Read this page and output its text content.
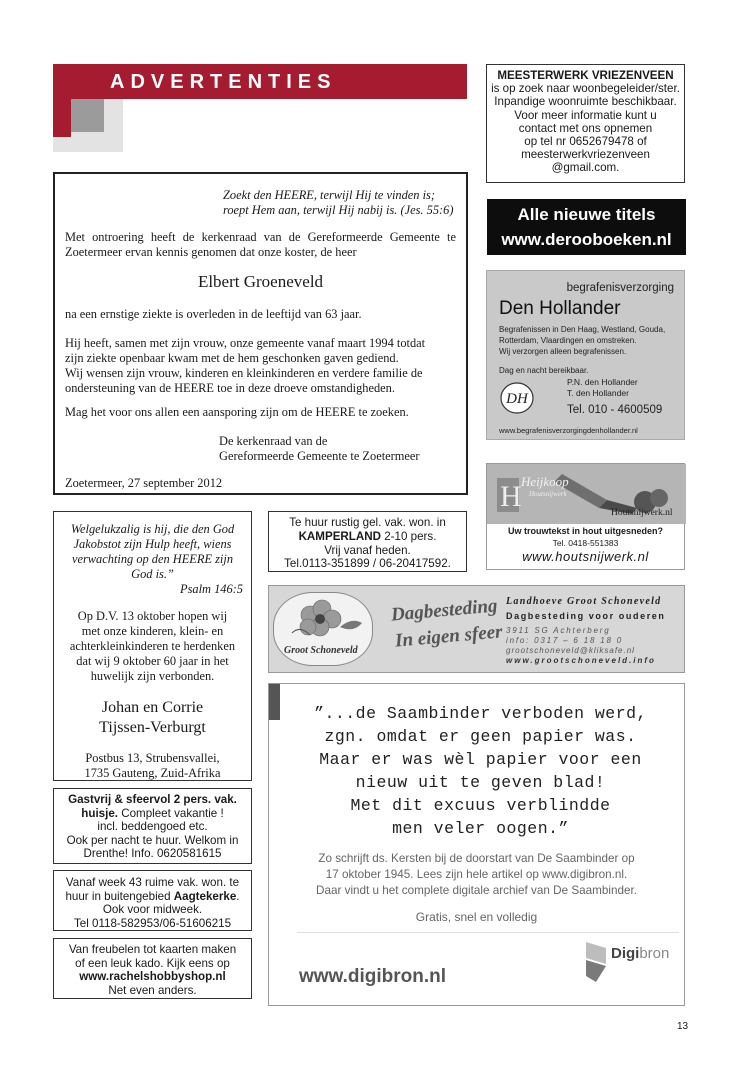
ADVERTENTIES
Zoekt den HEERE, terwijl Hij te vinden is;
roept Hem aan, terwijl Hij nabij is. (Jes. 55:6)

Met ontroering heeft de kerkenraad van de Gereformeerde Gemeente te Zoetermeer ervan kennis genomen dat onze koster, de heer

Elbert Groeneveld
na een ernstige ziekte is overleden in de leeftijd van 63 jaar.
Hij heeft, samen met zijn vrouw, onze gemeente vanaf maart 1994 totdat
zijn ziekte openbaar kwam met de hem geschonken gaven gediend.
Wij wensen zijn vrouw, kinderen en kleinkinderen en verdere familie de
ondersteuning van de HEERE toe in deze droeve omstandigheden.
Mag het voor ons allen een aansporing zijn om de HEERE te zoeken.
De kerkenraad van de
Gereformeerde Gemeente te Zoetermeer
Zoetermeer, 27 september 2012
MEESTERWERK VRIEZENVEEN
is op zoek naar woonbegeleider/ster.
Inpandige woonruimte beschikbaar.
Voor meer informatie kunt u
contact met ons opnemen
op tel nr 0652679478 of
meesterwerkvriezenveen
@gmail.com.
Alle nieuwe titels
www.derooboeken.nl
begrafenisverzorging
Den Hollander
Begrafenissen in Den Haag, Westland, Gouda,
Rotterdam, Vlaardingen en omstreken.
Wij verzorgen alleen begrafenissen.
Dag en nacht bereikbaar.
DH
P.N. den Hollander
T. den Hollander
Tel. 010 - 4600509
www.begrafenisverzorgingdenhollander.nl
H Heijkoop
Houtsnijwerk
Houtsnijwerk.nl
Uw trouwtekst in hout uitgesneden?
Tel. 0418-551383
www.houtsnijwerk.nl
Groot Schoneveld
Dagbesteding
In eigen sfeer
Landhoeve Groot Schoneveld
Dagbesteding voor ouderen
3911 SG Achterberg
info: 0317 – 6 18 18 0
grootschoneveld@kliksafe.nl
www.grootschoneveld.info
”...de Saambinder verboden werd,
zgn. omdat er geen papier was.
Maar er was wèl papier voor een
nieuw uit te geven blad!
Met dit excuus verblindde
men veler oogen.”
Zo schrijft ds. Kersten bij de doorstart van De Saambinder op
17 oktober 1945. Lees zijn hele artikel op www.digibron.nl.
Daar vindt u het complete digitale archief van De Saambinder.
Gratis, snel en volledig
Digibron
www.digibron.nl
Welgelukzalig is hij, die den God
Jakobstot zijn Hulp heeft, wiens
verwachting op den HEERE zijn
God is.”
Psalm 146:5
Op D.V. 13 oktober hopen wij
met onze kinderen, klein- en
achterkleinkinderen te herdenken
dat wij 9 oktober 60 jaar in het
huwelijk zijn verbonden.
Johan en Corrie
Tijssen-Verburgt
Postbus 13, Strubensvallei,
1735 Gauteng, Zuid-Afrika
Te huur rustig gel. vak. won. in
KAMPERLAND 2-10 pers.
Vrij vanaf heden.
Tel.0113-351899 / 06-20417592.
Gastvrij & sfeervol 2 pers. vak.
huisje. Compleet vakantie !
incl. beddengoed etc.
Ook per nacht te huur. Welkom in
Drenthe! Info. 0620581615
Vanaf week 43 ruime vak. won. te
huur in buitengebied Aagtekerke.
Ook voor midweek.
Tel 0118-582953/06-51606215
Van freubelen tot kaarten maken
of een leuk kado. Kijk eens op
www.rachelshobbyshop.nl
Net even anders.
13
